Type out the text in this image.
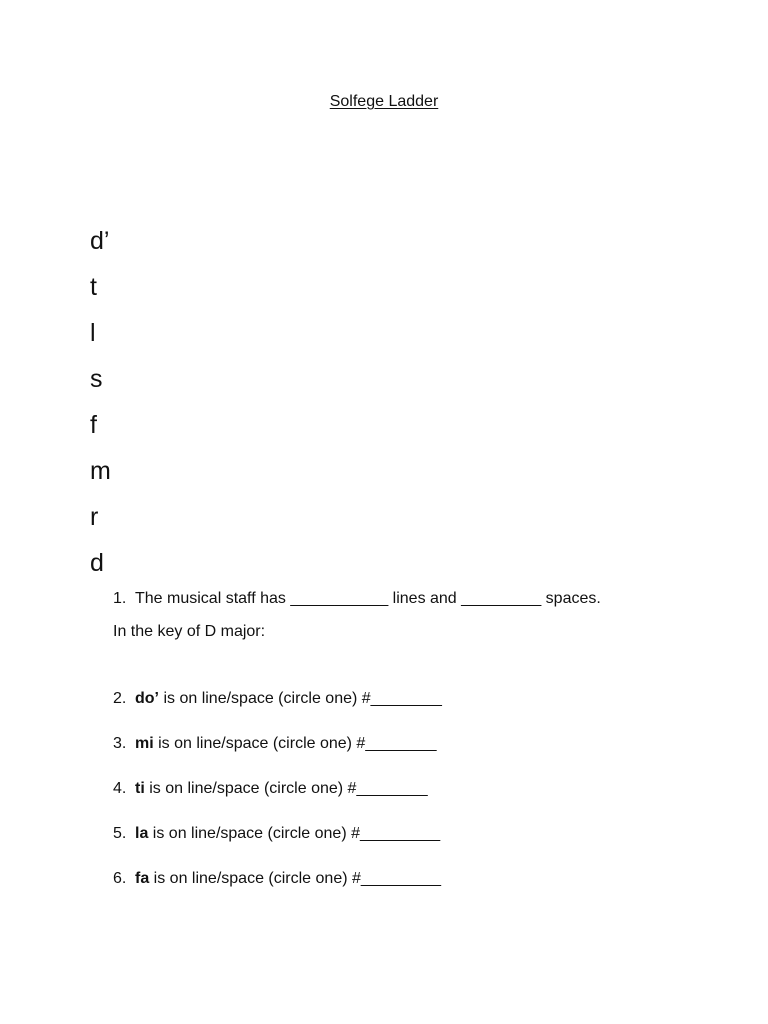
Solfege Ladder
d’
t
l
s
f
m
r
d
1. The musical staff has ___________ lines and _________ spaces.
In the key of D major:
2. do’ is on line/space (circle one) #________
3. mi is on line/space (circle one) #________
4. ti is on line/space (circle one) #________
5. la is on line/space (circle one) #_________
6. fa is on line/space (circle one) #_________
